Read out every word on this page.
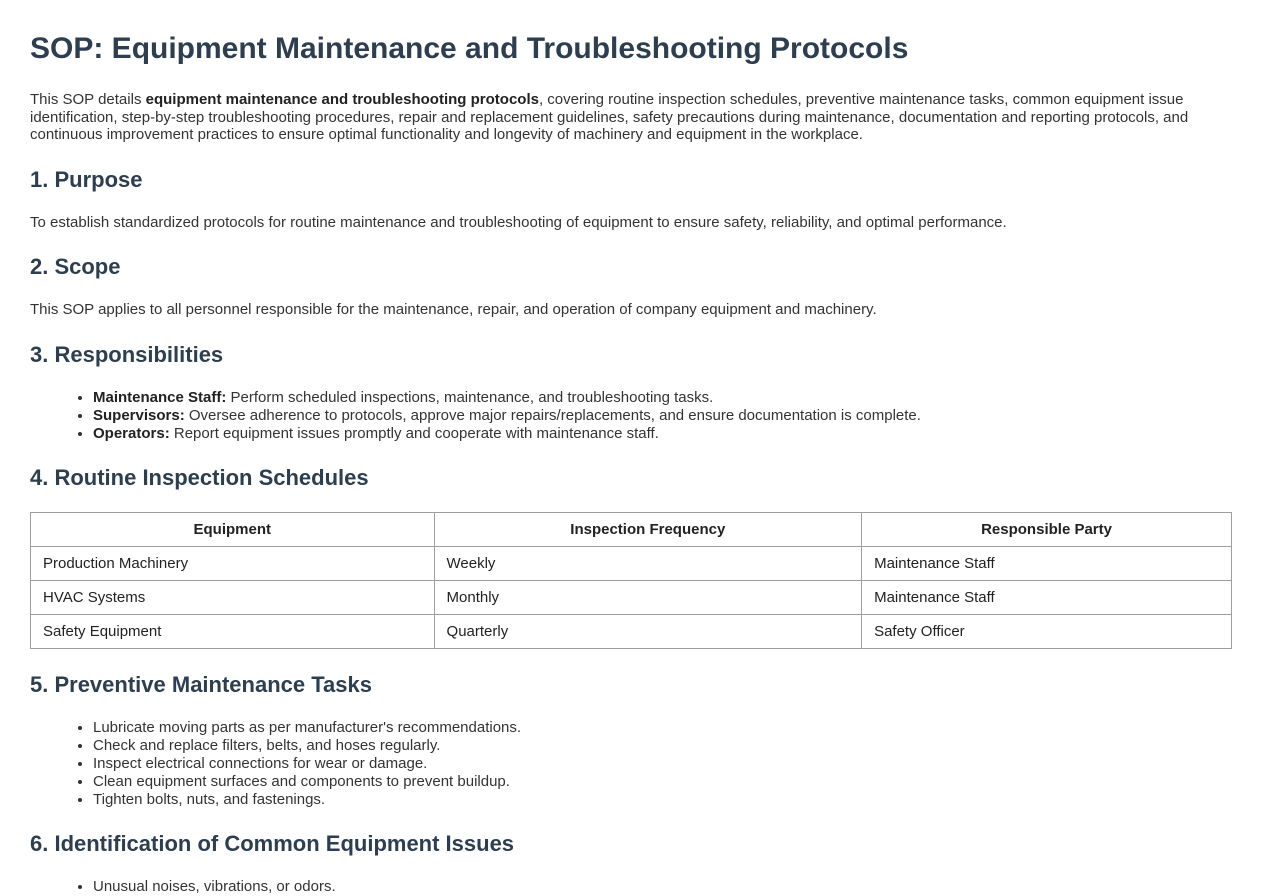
SOP: Equipment Maintenance and Troubleshooting Protocols

This SOP details equipment maintenance and troubleshooting protocols, covering routine inspection schedules, preventive maintenance tasks, common equipment issue identification, step-by-step troubleshooting procedures, repair and replacement guidelines, safety precautions during maintenance, documentation and reporting protocols, and continuous improvement practices to ensure optimal functionality and longevity of machinery and equipment in the workplace.

1. Purpose

To establish standardized protocols for routine maintenance and troubleshooting of equipment to ensure safety, reliability, and optimal performance.

2. Scope

This SOP applies to all personnel responsible for the maintenance, repair, and operation of company equipment and machinery.

3. Responsibilities
• Maintenance Staff: Perform scheduled inspections, maintenance, and troubleshooting tasks.
• Supervisors: Oversee adherence to protocols, approve major repairs/replacements, and ensure documentation is complete.
• Operators: Report equipment issues promptly and cooperate with maintenance staff.
4. Routine Inspection Schedules
Equipment	Inspection Frequency	Responsible Party
Production Machinery	Weekly	Maintenance Staff
HVAC Systems	Monthly	Maintenance Staff
Safety Equipment	Quarterly	Safety Officer
5. Preventive Maintenance Tasks
• Lubricate moving parts as per manufacturer's recommendations.
• Check and replace filters, belts, and hoses regularly.
• Inspect electrical connections for wear or damage.
• Clean equipment surfaces and components to prevent buildup.
• Tighten bolts, nuts, and fastenings.
6. Identification of Common Equipment Issues
• Unusual noises, vibrations, or odors.
